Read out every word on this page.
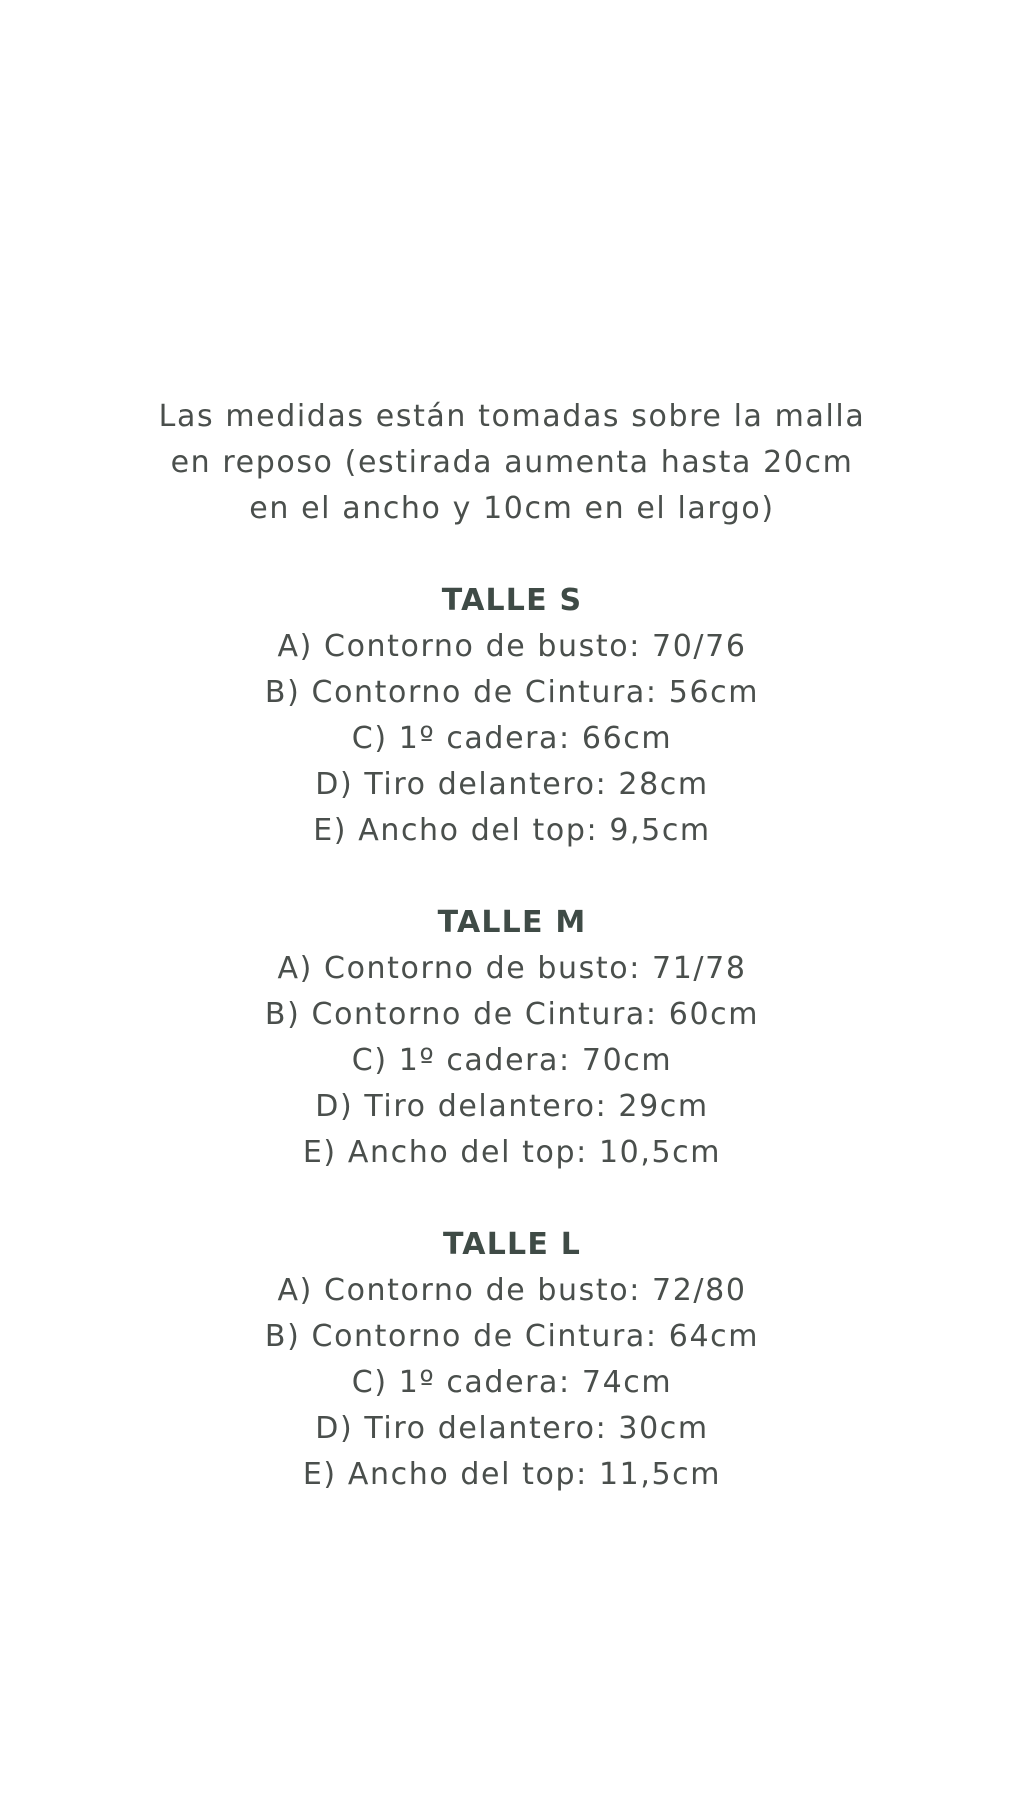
Las medidas están tomadas sobre la malla
en reposo (estirada aumenta hasta 20cm
en el ancho y 10cm en el largo)
TALLE S
A) Contorno de busto: 70/76
B) Contorno de Cintura: 56cm
C) 1º cadera: 66cm
D) Tiro delantero: 28cm
E) Ancho del top: 9,5cm
TALLE M
A) Contorno de busto: 71/78
B) Contorno de Cintura: 60cm
C) 1º cadera: 70cm
D) Tiro delantero: 29cm
E) Ancho del top: 10,5cm
TALLE L
A) Contorno de busto: 72/80
B) Contorno de Cintura: 64cm
C) 1º cadera: 74cm
D) Tiro delantero: 30cm
E) Ancho del top: 11,5cm
